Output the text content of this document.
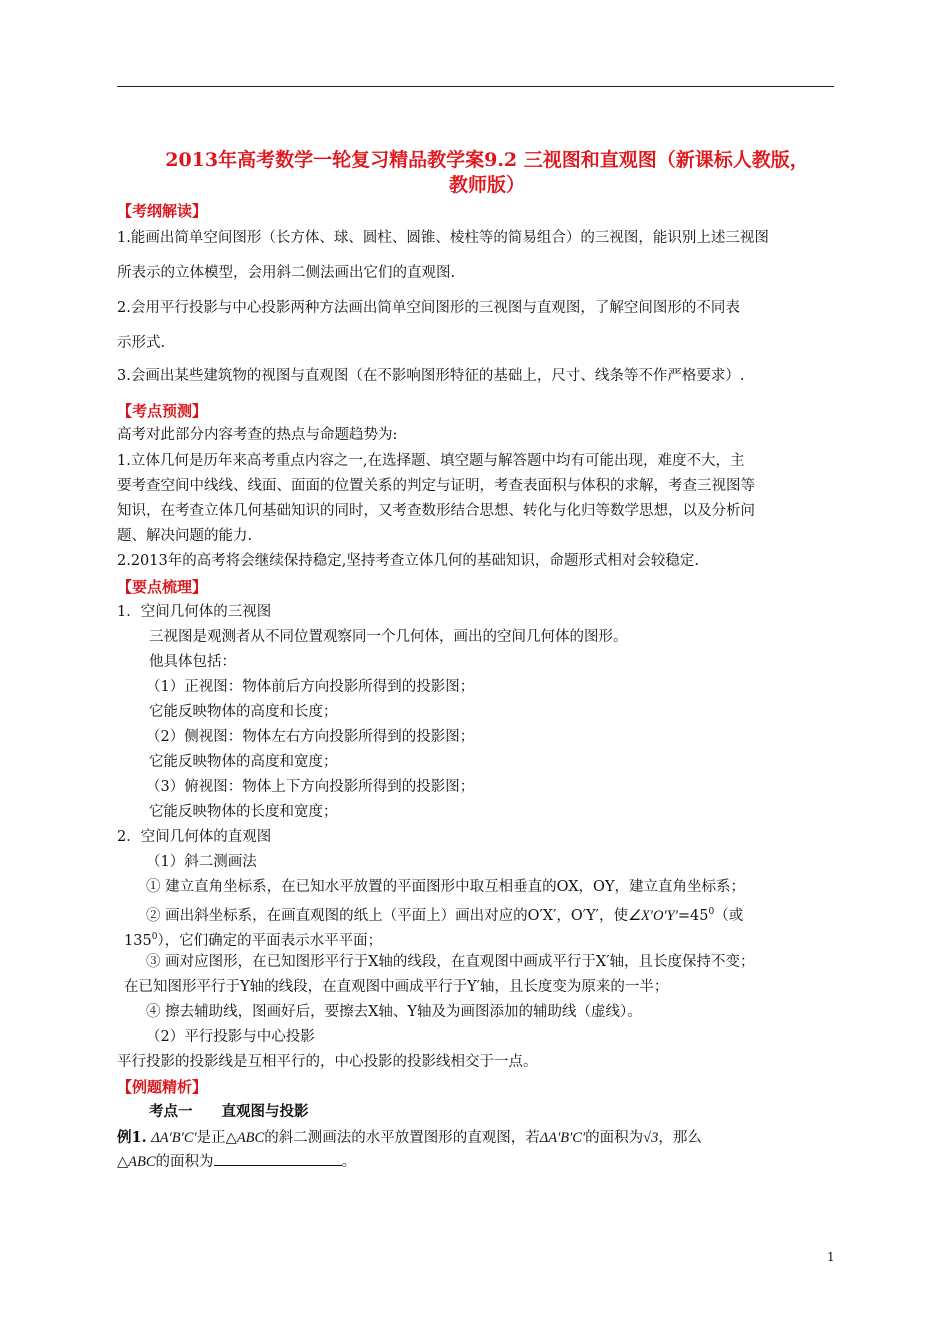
2013年高考数学一轮复习精品教学案9.2 三视图和直观图（新课标人教版，
教师版）
【考纲解读】
1.能画出简单空间图形（长方体、球、圆柱、圆锥、棱柱等的简易组合）的三视图，能识别上述三视图
所表示的立体模型，会用斜二侧法画出它们的直观图.
2.会用平行投影与中心投影两种方法画出简单空间图形的三视图与直观图，了解空间图形的不同表
示形式.
3.会画出某些建筑物的视图与直观图（在不影响图形特征的基础上，尺寸、线条等不作严格要求）.
【考点预测】
高考对此部分内容考查的热点与命题趋势为:
1.立体几何是历年来高考重点内容之一,在选择题、填空题与解答题中均有可能出现，难度不大，主
要考查空间中线线、线面、面面的位置关系的判定与证明，考查表面积与体积的求解，考查三视图等
知识，在考查立体几何基础知识的同时，又考查数形结合思想、转化与化归等数学思想，以及分析问
题、解决问题的能力.
2.2013年的高考将会继续保持稳定,坚持考查立体几何的基础知识，命题形式相对会较稳定.
【要点梳理】
1．空间几何体的三视图
三视图是观测者从不同位置观察同一个几何体，画出的空间几何体的图形。
他具体包括：
（1）正视图：物体前后方向投影所得到的投影图；
它能反映物体的高度和长度；
（2）侧视图：物体左右方向投影所得到的投影图；
它能反映物体的高度和宽度；
（3）俯视图：物体上下方向投影所得到的投影图；
它能反映物体的长度和宽度；
2．空间几何体的直观图
（1）斜二测画法
① 建立直角坐标系，在已知水平放置的平面图形中取互相垂直的OX，OY，建立直角坐标系；
② 画出斜坐标系，在画直观图的纸上（平面上）画出对应的O′X′，O′Y′，使$\angle X'O'Y'=45^0$（或
$135^0$），它们确定的平面表示水平平面；
③ 画对应图形，在已知图形平行于X轴的线段，在直观图中画成平行于X′轴，且长度保持不变；
在已知图形平行于Y轴的线段，在直观图中画成平行于Y′轴，且长度变为原来的一半；
④ 擦去辅助线，图画好后，要擦去X轴、Y轴及为画图添加的辅助线（虚线）。
（2）平行投影与中心投影
平行投影的投影线是互相平行的，中心投影的投影线相交于一点。
【例题精析】
考点一　　直观图与投影
例1. ΔA′B′C′是正△ABC的斜二测画法的水平放置图形的直观图，若ΔA′B′C′的面积为√3，那么
△ABC的面积为	。
1
